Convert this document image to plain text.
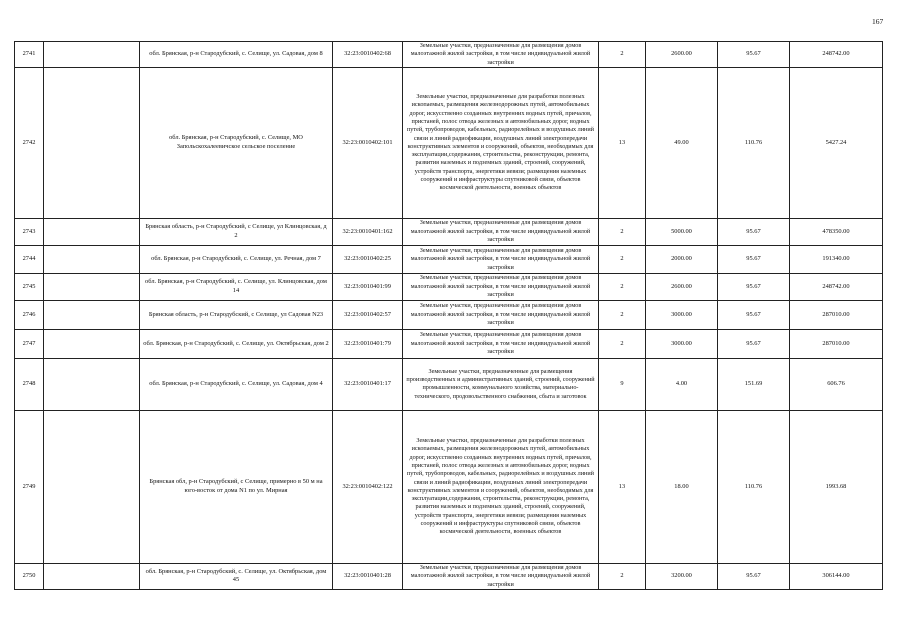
167
2741		обл. Брянская, р-н Стародубский, с. Селище, ул. Садовая, дом 8	32:23:0010402:68	Земельные участки, предназначенные для размещения домов малоэтажной жилой застройки, в том числе индивидуальной жилой застройки	2	2600.00	95.67	248742.00
2742		обл. Брянская, р-н Стародубский, с. Селище, МО Запольскохалеевичское сельское поселение	32:23:0010402:101	Земельные участки, предназначенные для разработки полезных ископаемых, размещения железнодорожных путей, автомобильных дорог, искусственно созданных внутренних водных путей, причалов, пристаней, полос отвода железных и автомобильных дорог, водных путей, трубопроводов, кабельных, радиорелейных и воздушных линий связи и линий радиофикации, воздушных линий электропередачи конструктивных элементов и сооружений, объектов, необходимых для эксплуатации,содержания, строительства, реконструкции, ремонта, развития наземных и подземных зданий, строений, сооружений, устройств транспорта, энергетики иевязи; размещения наземных сооружений и инфраструктуры спутниковой связи, объектов космической деятельности, военных объектов	13	49.00	110.76	5427.24
2743		Брянская область, р-н Стародубский, с Селище, ул Клинцовская, д 2	32:23:0010401:162	Земельные участки, предназначенные для размещения домов малоэтажной жилой застройки, в том числе индивидуальной жилой застройки	2	5000.00	95.67	478350.00
2744		обл. Брянская, р-н Стародубский, с. Селище, ул. Речная, дом 7	32:23:0010402:25	Земельные участки, предназначенные для размещения домов малоэтажной жилой застройки, в том числе индивидуальной жилой застройки	2	2000.00	95.67	191340.00
2745		обл. Брянская, р-н Стародубский, с. Селище, ул. Клинцовская, дом 14	32:23:0010401:99	Земельные участки, предназначенные для размещения домов малоэтажной жилой застройки, в том числе индивидуальной жилой застройки	2	2600.00	95.67	248742.00
2746		Брянская область, р-н Стародубский, с Селище, ул Садовая N23	32:23:0010402:57	Земельные участки, предназначенные для размещения домов малоэтажной жилой застройки, в том числе индивидуальной жилой застройки	2	3000.00	95.67	287010.00
2747		обл. Брянская, р-н Стародубский, с. Селище, ул. Октябрьская, дом 2	32:23:0010401:79	Земельные участки, предназначенные для размещения домов малоэтажной жилой застройки, в том числе индивидуальной жилой застройки	2	3000.00	95.67	287010.00
2748		обл. Брянская, р-н Стародубский, с. Селище, ул. Садовая, дом 4	32:23:0010401:17	Земельные участки, предназначенные для размещения производственных и административных зданий, строений, сооружений промышленности, коммунального хозяйства, материально-технического, продовольственного снабжения, сбыта и заготовок	9	4.00	151.69	606.76
2749		Брянская обл, р-н Стародубский, с Селище, примерно в 50 м на юго-восток от дома N1 по ул. Мирная	32:23:0010402:122	Земельные участки, предназначенные для разработки полезных ископаемых, размещения железнодорожных путей, автомобильных дорог, искусственно созданных внутренних водных путей, причалов, пристаней, полос отвода железных и автомобильных дорог, водных путей, трубопроводов, кабельных, радиорелейных и воздушных линий связи и линий радиофикации, воздушных линий электропередачи конструктивных элементов и сооружений, объектов, необходимых для эксплуатации,содержания, строительства, реконструкции, ремонта, развития наземных и подземных зданий, строений, сооружений, устройств транспорта, энергетики иевязи; размещения наземных сооружений и инфраструктуры спутниковой связи, объектов космической деятельности, военных объектов	13	18.00	110.76	1993.68
2750		обл. Брянская, р-н Стародубский, с. Селище, ул. Октябрьская, дом 45	32:23:0010401:28	Земельные участки, предназначенные для размещения домов малоэтажной жилой застройки, в том числе индивидуальной жилой застройки	2	3200.00	95.67	306144.00
